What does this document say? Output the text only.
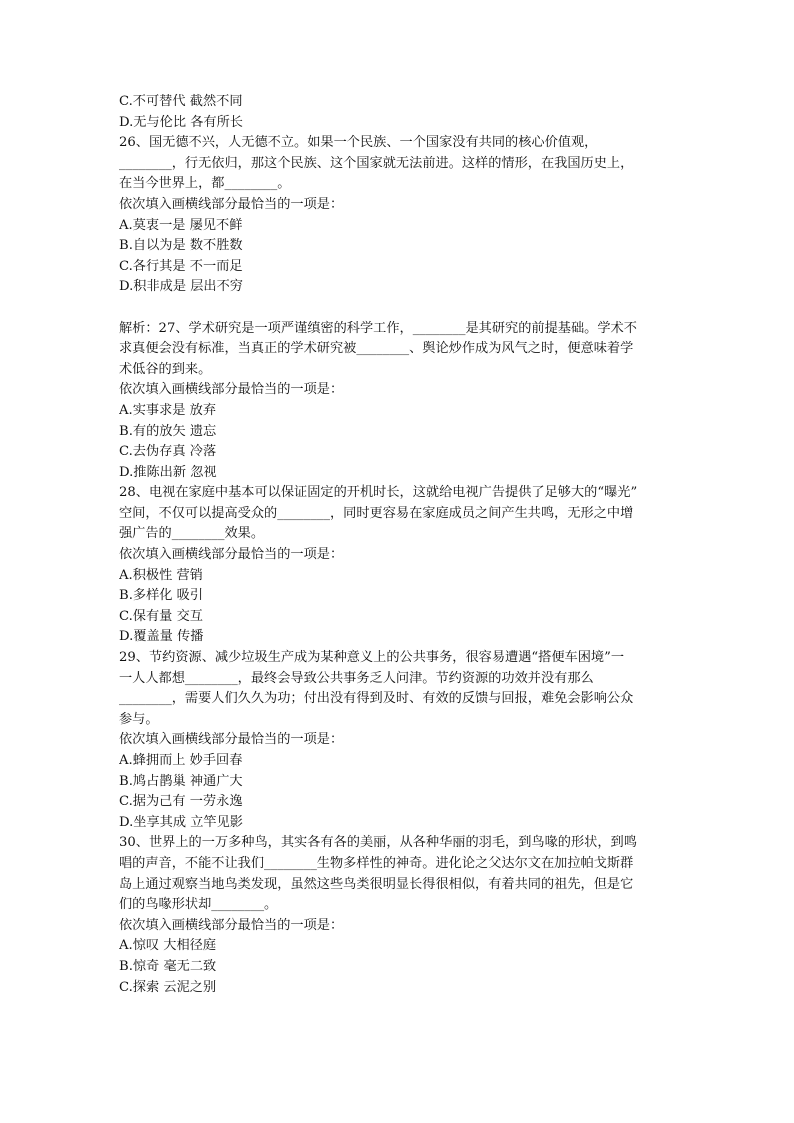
C.不可替代 截然不同
D.无与伦比 各有所长
26、国无德不兴，人无德不立。如果一个民族、一个国家没有共同的核心价值观，
________，行无依归，那这个民族、这个国家就无法前进。这样的情形，在我国历史上，
在当今世界上，都________。
依次填入画横线部分最恰当的一项是：
A.莫衷一是 屡见不鲜
B.自以为是 数不胜数
C.各行其是 不一而足
D.积非成是 层出不穷
解析：27、学术研究是一项严谨缜密的科学工作，________是其研究的前提基础。学术不
求真便会没有标准，当真正的学术研究被________、舆论炒作成为风气之时，便意味着学
术低谷的到来。
依次填入画横线部分最恰当的一项是：
A.实事求是 放弃
B.有的放矢 遗忘
C.去伪存真 冷落
D.推陈出新 忽视
28、电视在家庭中基本可以保证固定的开机时长，这就给电视广告提供了足够大的“曝光”
空间，不仅可以提高受众的________，同时更容易在家庭成员之间产生共鸣，无形之中增
强广告的________效果。
依次填入画横线部分最恰当的一项是：
A.积极性 营销
B.多样化 吸引
C.保有量 交互
D.覆盖量 传播
29、节约资源、减少垃圾生产成为某种意义上的公共事务，很容易遭遇“搭便车困境”一
一人人都想________，最终会导致公共事务乏人问津。节约资源的功效并没有那么
________，需要人们久久为功；付出没有得到及时、有效的反馈与回报，难免会影响公众
参与。
依次填入画横线部分最恰当的一项是：
A.蜂拥而上 妙手回春
B.鸠占鹊巢 神通广大
C.据为己有 一劳永逸
D.坐享其成 立竿见影
30、世界上的一万多种鸟，其实各有各的美丽，从各种华丽的羽毛，到鸟喙的形状，到鸣
唱的声音，不能不让我们________生物多样性的神奇。进化论之父达尔文在加拉帕戈斯群
岛上通过观察当地鸟类发现，虽然这些鸟类很明显长得很相似，有着共同的祖先，但是它
们的鸟喙形状却________。
依次填入画横线部分最恰当的一项是：
A.惊叹 大相径庭
B.惊奇 毫无二致
C.探索 云泥之别
